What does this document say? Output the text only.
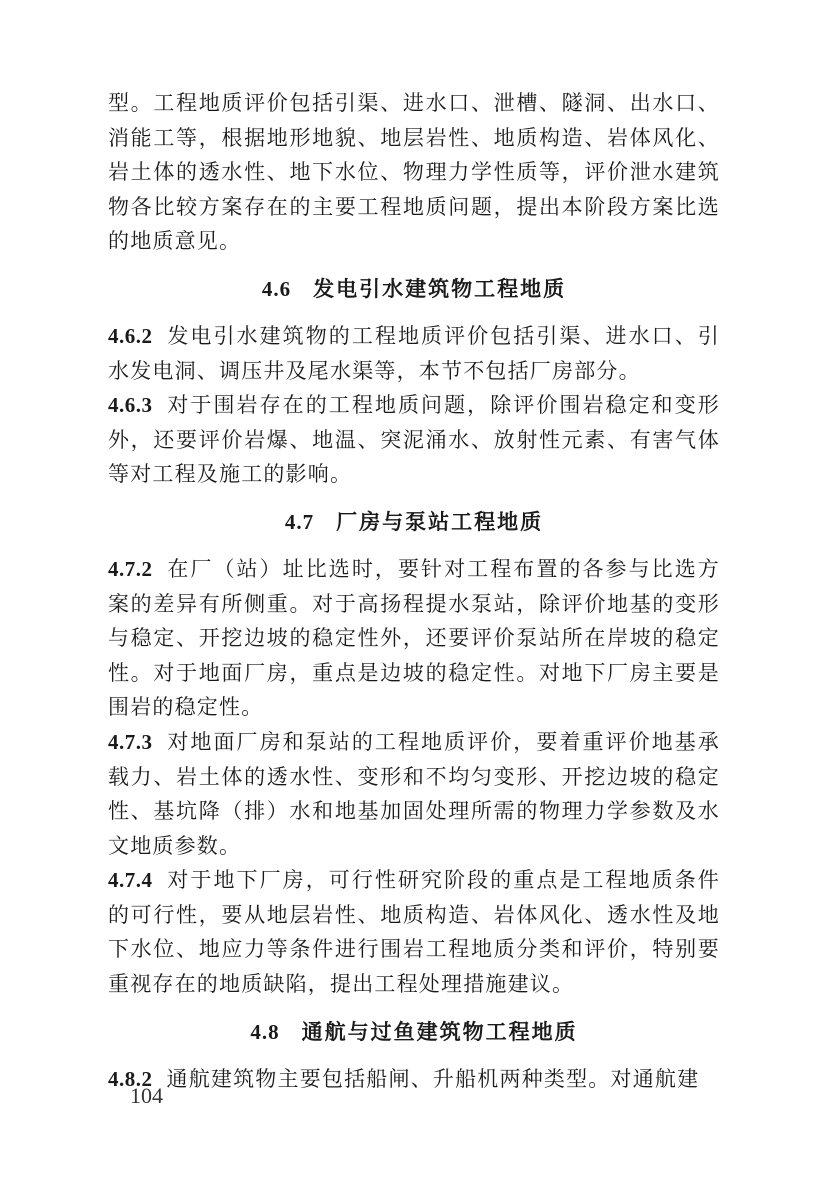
型。工程地质评价包括引渠、进水口、泄槽、隧洞、出水口、消能工等，根据地形地貌、地层岩性、地质构造、岩体风化、岩土体的透水性、地下水位、物理力学性质等，评价泄水建筑物各比较方案存在的主要工程地质问题，提出本阶段方案比选的地质意见。

4.6 发电引水建筑物工程地质

4.6.2 发电引水建筑物的工程地质评价包括引渠、进水口、引水发电洞、调压井及尾水渠等，本节不包括厂房部分。

4.6.3 对于围岩存在的工程地质问题，除评价围岩稳定和变形外，还要评价岩爆、地温、突泥涌水、放射性元素、有害气体等对工程及施工的影响。

4.7 厂房与泵站工程地质

4.7.2 在厂（站）址比选时，要针对工程布置的各参与比选方案的差异有所侧重。对于高扬程提水泵站，除评价地基的变形与稳定、开挖边坡的稳定性外，还要评价泵站所在岸坡的稳定性。对于地面厂房，重点是边坡的稳定性。对地下厂房主要是围岩的稳定性。

4.7.3 对地面厂房和泵站的工程地质评价，要着重评价地基承载力、岩土体的透水性、变形和不均匀变形、开挖边坡的稳定性、基坑降（排）水和地基加固处理所需的物理力学参数及水文地质参数。

4.7.4 对于地下厂房，可行性研究阶段的重点是工程地质条件的可行性，要从地层岩性、地质构造、岩体风化、透水性及地下水位、地应力等条件进行围岩工程地质分类和评价，特别要重视存在的地质缺陷，提出工程处理措施建议。

4.8 通航与过鱼建筑物工程地质

4.8.2 通航建筑物主要包括船闸、升船机两种类型。对通航建

104
